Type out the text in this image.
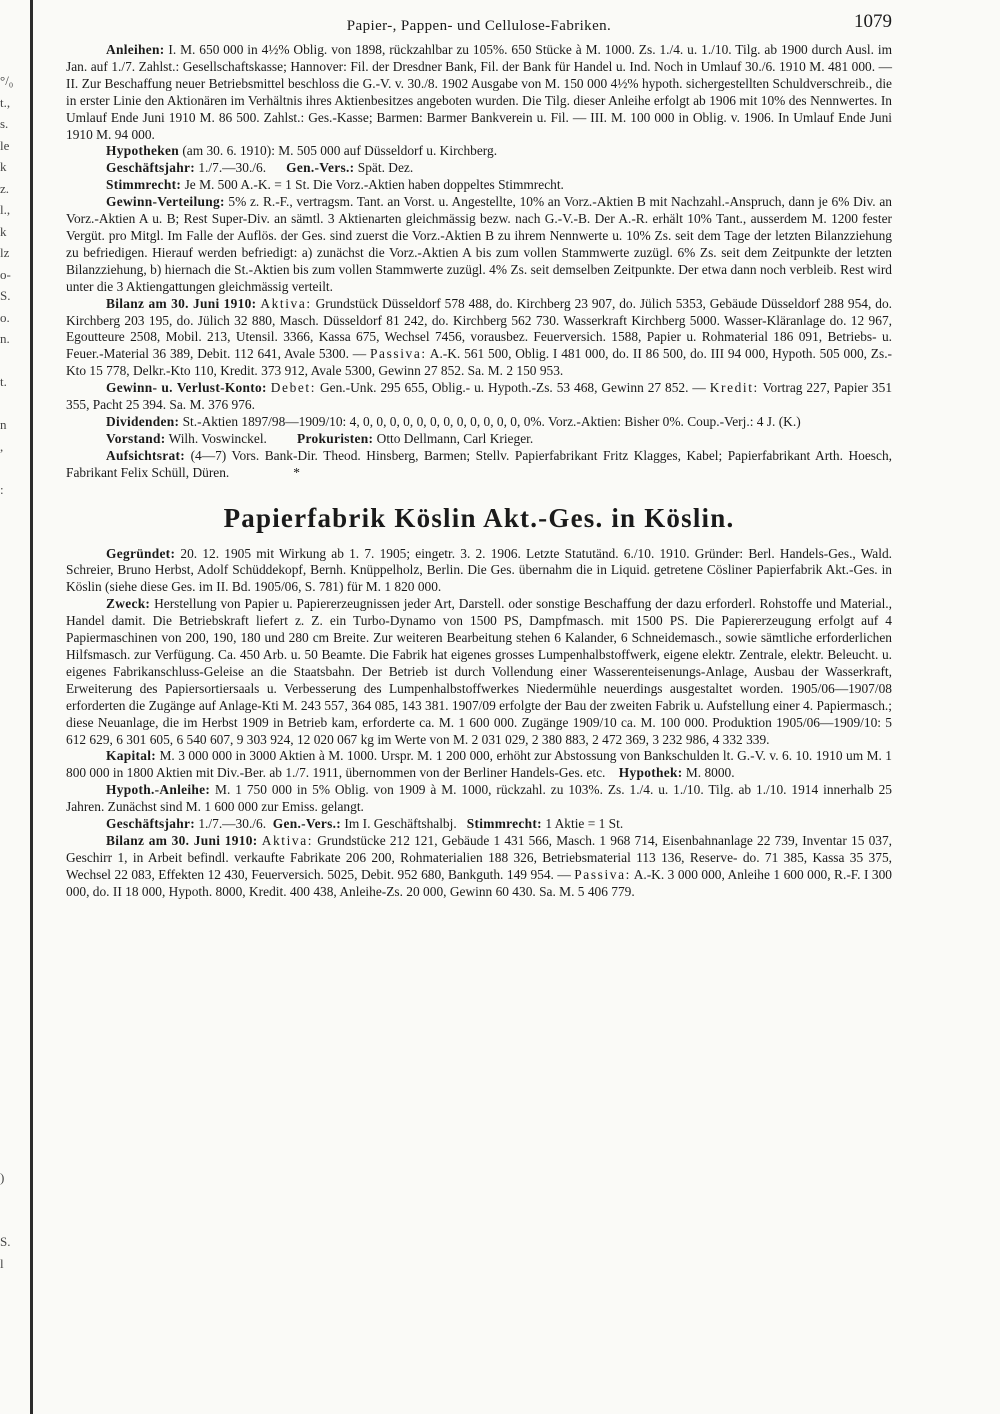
°/₀
t.,
s.
le
k
z.
l.,
k
lz
o-
S.
o.
n.
t.
n
,
:
)
S.
l
Papier-, Pappen- und Cellulose-Fabriken.	1079

Anleihen: I. M. 650 000 in 4½% Oblig. von 1898, rückzahlbar zu 105%. 650 Stücke à M. 1000. Zs. 1./4. u. 1./10. Tilg. ab 1900 durch Ausl. im Jan. auf 1./7. Zahlst.: Gesellschaftskasse; Hannover: Fil. der Dresdner Bank, Fil. der Bank für Handel u. Ind. Noch in Umlauf 30./6. 1910 M. 481 000. — II. Zur Beschaffung neuer Betriebsmittel beschloss die G.-V. v. 30./8. 1902 Ausgabe von M. 150 000 4½% hypoth. sichergestellten Schuldverschreib., die in erster Linie den Aktionären im Verhältnis ihres Aktienbesitzes angeboten wurden. Die Tilg. dieser Anleihe erfolgt ab 1906 mit 10% des Nennwertes. In Umlauf Ende Juni 1910 M. 86 500. Zahlst.: Ges.-Kasse; Barmen: Barmer Bankverein u. Fil. — III. M. 100 000 in Oblig. v. 1906. In Umlauf Ende Juni 1910 M. 94 000.

Hypotheken (am 30. 6. 1910): M. 505 000 auf Düsseldorf u. Kirchberg.

Geschäftsjahr: 1./7.—30./6. Gen.-Vers.: Spät. Dez.

Stimmrecht: Je M. 500 A.-K. = 1 St. Die Vorz.-Aktien haben doppeltes Stimmrecht.

Gewinn-Verteilung: 5% z. R.-F., vertragsm. Tant. an Vorst. u. Angestellte, 10% an Vorz.-Aktien B mit Nachzahl.-Anspruch, dann je 6% Div. an Vorz.-Aktien A u. B; Rest Super-Div. an sämtl. 3 Aktienarten gleichmässig bezw. nach G.-V.-B. Der A.-R. erhält 10% Tant., ausserdem M. 1200 fester Vergüt. pro Mitgl. Im Falle der Auflös. der Ges. sind zuerst die Vorz.-Aktien B zu ihrem Nennwerte u. 10% Zs. seit dem Tage der letzten Bilanzziehung zu befriedigen. Hierauf werden befriedigt: a) zunächst die Vorz.-Aktien A bis zum vollen Stammwerte zuzügl. 6% Zs. seit dem Zeitpunkte der letzten Bilanzziehung, b) hiernach die St.-Aktien bis zum vollen Stammwerte zuzügl. 4% Zs. seit demselben Zeitpunkte. Der etwa dann noch verbleib. Rest wird unter die 3 Aktiengattungen gleichmässig verteilt.

Bilanz am 30. Juni 1910: Aktiva: Grundstück Düsseldorf 578 488, do. Kirchberg 23 907, do. Jülich 5353, Gebäude Düsseldorf 288 954, do. Kirchberg 203 195, do. Jülich 32 880, Masch. Düsseldorf 81 242, do. Kirchberg 562 730. Wasserkraft Kirchberg 5000. Wasser-Kläranlage do. 12 967, Egoutteure 2508, Mobil. 213, Utensil. 3366, Kassa 675, Wechsel 7456, vorausbez. Feuerversich. 1588, Papier u. Rohmaterial 186 091, Betriebs- u. Feuer.-Material 36 389, Debit. 112 641, Avale 5300. — Passiva: A.-K. 561 500, Oblig. I 481 000, do. II 86 500, do. III 94 000, Hypoth. 505 000, Zs.-Kto 15 778, Delkr.-Kto 110, Kredit. 373 912, Avale 5300, Gewinn 27 852. Sa. M. 2 150 953.

Gewinn- u. Verlust-Konto: Debet: Gen.-Unk. 295 655, Oblig.- u. Hypoth.-Zs. 53 468, Gewinn 27 852. — Kredit: Vortrag 227, Papier 351 355, Pacht 25 394. Sa. M. 376 976.

Dividenden: St.-Aktien 1897/98—1909/10: 4, 0, 0, 0, 0, 0, 0, 0, 0, 0, 0, 0, 0, 0%. Vorz.-Aktien: Bisher 0%. Coup.-Verj.: 4 J. (K.)

Vorstand: Wilh. Voswinckel. Prokuristen: Otto Dellmann, Carl Krieger.

Aufsichtsrat: (4—7) Vors. Bank-Dir. Theod. Hinsberg, Barmen; Stellv. Papierfabrikant Fritz Klagges, Kabel; Papierfabrikant Arth. Hoesch, Fabrikant Felix Schüll, Düren.	*

Papierfabrik Köslin Akt.-Ges. in Köslin.

Gegründet: 20. 12. 1905 mit Wirkung ab 1. 7. 1905; eingetr. 3. 2. 1906. Letzte Statutänd. 6./10. 1910. Gründer: Berl. Handels-Ges., Wald. Schreier, Bruno Herbst, Adolf Schüddekopf, Bernh. Knüppelholz, Berlin. Die Ges. übernahm die in Liquid. getretene Cösliner Papierfabrik Akt.-Ges. in Köslin (siehe diese Ges. im II. Bd. 1905/06, S. 781) für M. 1 820 000.

Zweck: Herstellung von Papier u. Papiererzeugnissen jeder Art, Darstell. oder sonstige Beschaffung der dazu erforderl. Rohstoffe und Material., Handel damit. Die Betriebskraft liefert z. Z. ein Turbo-Dynamo von 1500 PS, Dampfmasch. mit 1500 PS. Die Papiererzeugung erfolgt auf 4 Papiermaschinen von 200, 190, 180 und 280 cm Breite. Zur weiteren Bearbeitung stehen 6 Kalander, 6 Schneidemasch., sowie sämtliche erforderlichen Hilfsmasch. zur Verfügung. Ca. 450 Arb. u. 50 Beamte. Die Fabrik hat eigenes grosses Lumpenhalbstoffwerk, eigene elektr. Zentrale, elektr. Beleucht. u. eigenes Fabrikanschluss-Geleise an die Staatsbahn. Der Betrieb ist durch Vollendung einer Wasserenteisenungs-Anlage, Ausbau der Wasserkraft, Erweiterung des Papiersortiersaals u. Verbesserung des Lumpenhalbstoffwerkes Niedermühle neuerdings ausgestaltet worden. 1905/06—1907/08 erforderten die Zugänge auf Anlage-Kti M. 243 557, 364 085, 143 381. 1907/09 erfolgte der Bau der zweiten Fabrik u. Aufstellung einer 4. Papiermasch.; diese Neuanlage, die im Herbst 1909 in Betrieb kam, erforderte ca. M. 1 600 000. Zugänge 1909/10 ca. M. 100 000. Produktion 1905/06—1909/10: 5 612 629, 6 301 605, 6 540 607, 9 303 924, 12 020 067 kg im Werte von M. 2 031 029, 2 380 883, 2 472 369, 3 232 986, 4 332 339.

Kapital: M. 3 000 000 in 3000 Aktien à M. 1000. Urspr. M. 1 200 000, erhöht zur Abstossung von Bankschulden lt. G.-V. v. 6. 10. 1910 um M. 1 800 000 in 1800 Aktien mit Div.-Ber. ab 1./7. 1911, übernommen von der Berliner Handels-Ges. etc. Hypothek: M. 8000.

Hypoth.-Anleihe: M. 1 750 000 in 5% Oblig. von 1909 à M. 1000, rückzahl. zu 103%. Zs. 1./4. u. 1./10. Tilg. ab 1./10. 1914 innerhalb 25 Jahren. Zunächst sind M. 1 600 000 zur Emiss. gelangt.

Geschäftsjahr: 1./7.—30./6. Gen.-Vers.: Im I. Geschäftshalbj. Stimmrecht: 1 Aktie = 1 St.

Bilanz am 30. Juni 1910: Aktiva: Grundstücke 212 121, Gebäude 1 431 566, Masch. 1 968 714, Eisenbahnanlage 22 739, Inventar 15 037, Geschirr 1, in Arbeit befindl. verkaufte Fabrikate 206 200, Rohmaterialien 188 326, Betriebsmaterial 113 136, Reserve- do. 71 385, Kassa 35 375, Wechsel 22 083, Effekten 12 430, Feuerversich. 5025, Debit. 952 680, Bankguth. 149 954. — Passiva: A.-K. 3 000 000, Anleihe 1 600 000, R.-F. I 300 000, do. II 18 000, Hypoth. 8000, Kredit. 400 438, Anleihe-Zs. 20 000, Gewinn 60 430. Sa. M. 5 406 779.
